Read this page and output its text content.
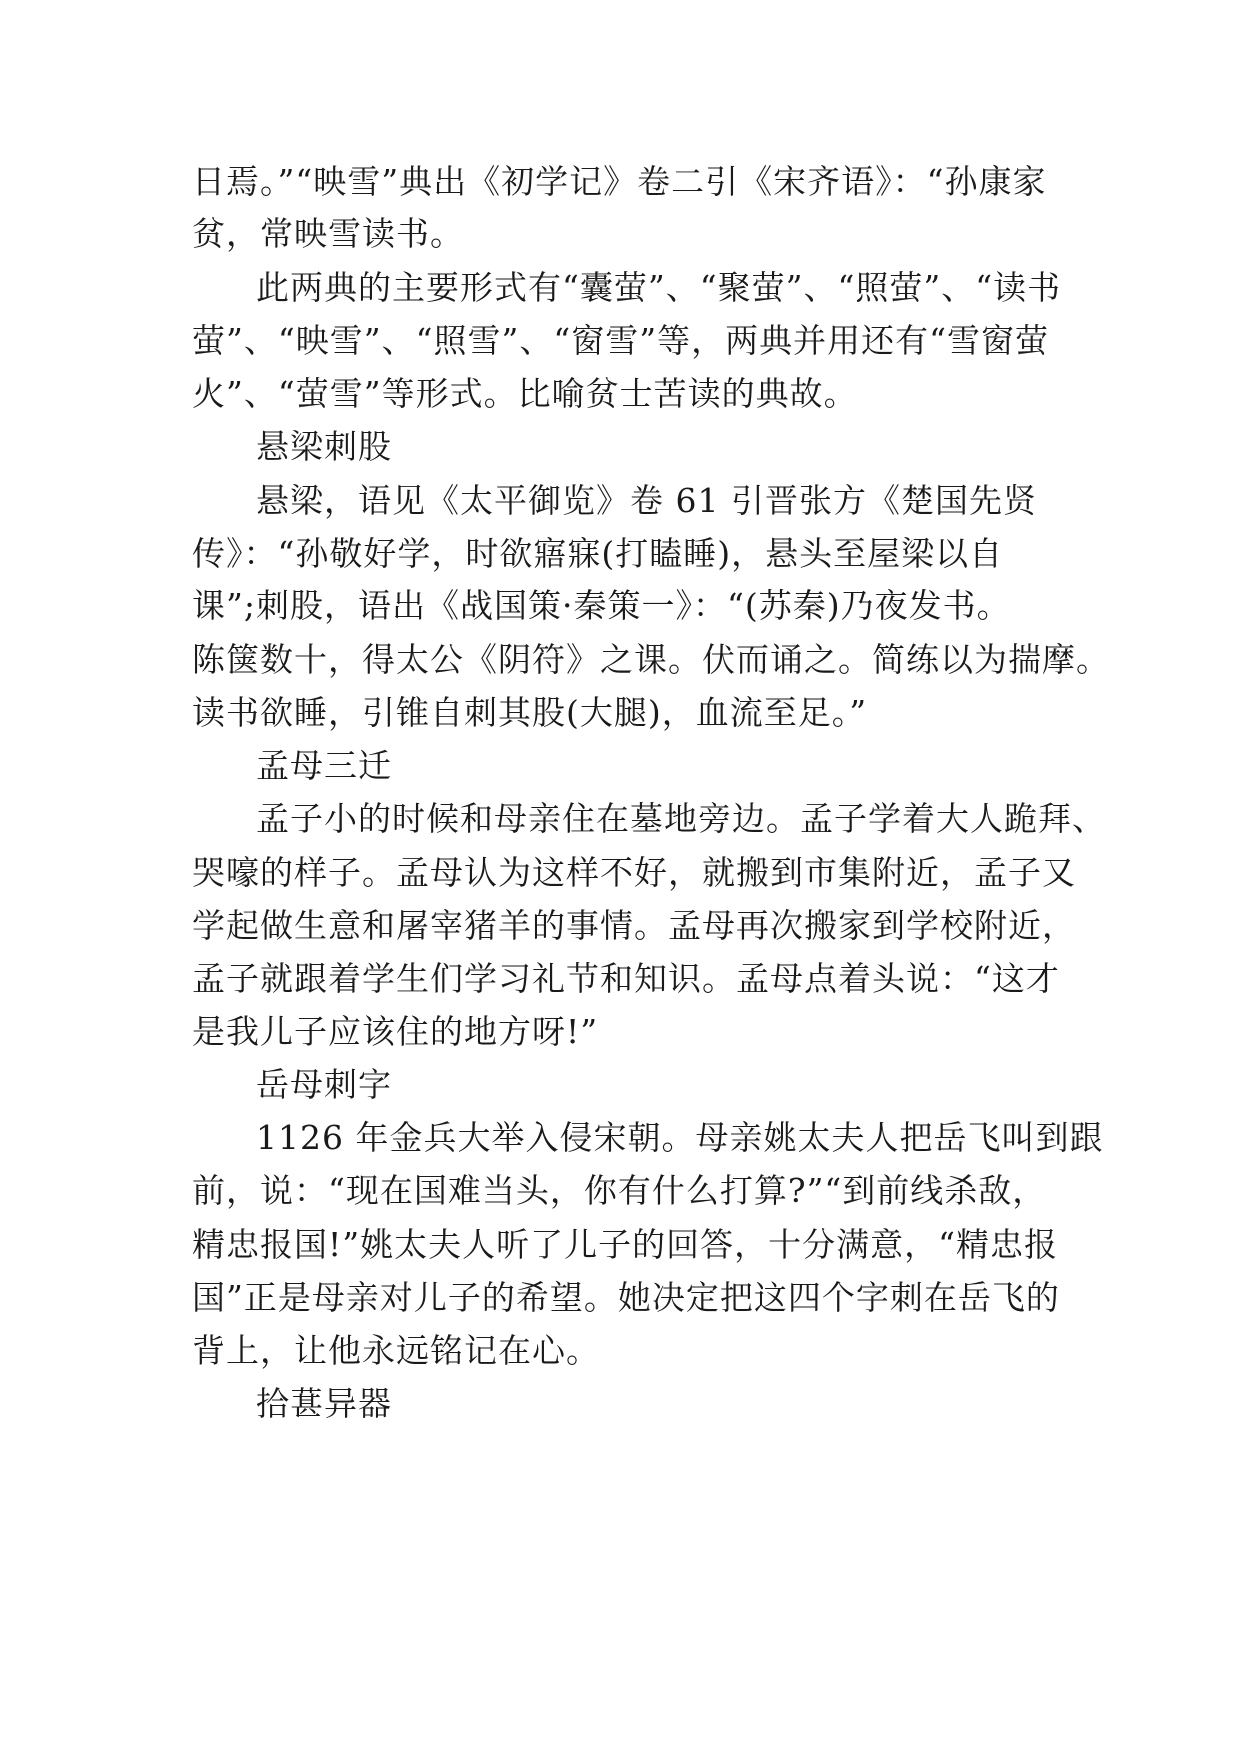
日焉。”“映雪”典出《初学记》卷二引《宋齐语》：“孙康家
贫，常映雪读书。
此两典的主要形式有“囊萤”、“聚萤”、“照萤”、“读书
萤”、“映雪”、“照雪”、“窗雪”等，两典并用还有“雪窗萤
火”、“萤雪”等形式。比喻贫士苦读的典故。
悬梁刺股
悬梁，语见《太平御览》卷 61 引晋张方《楚国先贤
传》：“孙敬好学，时欲寤寐(打瞌睡)，悬头至屋梁以自
课”;刺股，语出《战国策·秦策一》：“(苏秦)乃夜发书。
陈箧数十，得太公《阴符》之课。伏而诵之。简练以为揣摩。
读书欲睡，引锥自刺其股(大腿)，血流至足。”
孟母三迁
孟子小的时候和母亲住在墓地旁边。孟子学着大人跪拜、
哭嚎的样子。孟母认为这样不好，就搬到市集附近，孟子又
学起做生意和屠宰猪羊的事情。孟母再次搬家到学校附近，
孟子就跟着学生们学习礼节和知识。孟母点着头说：“这才
是我儿子应该住的地方呀!”
岳母刺字
1126 年金兵大举入侵宋朝。母亲姚太夫人把岳飞叫到跟
前，说：“现在国难当头，你有什么打算?”“到前线杀敌，
精忠报国!”姚太夫人听了儿子的回答，十分满意，“精忠报
国”正是母亲对儿子的希望。她决定把这四个字刺在岳飞的
背上，让他永远铭记在心。
拾葚异器
